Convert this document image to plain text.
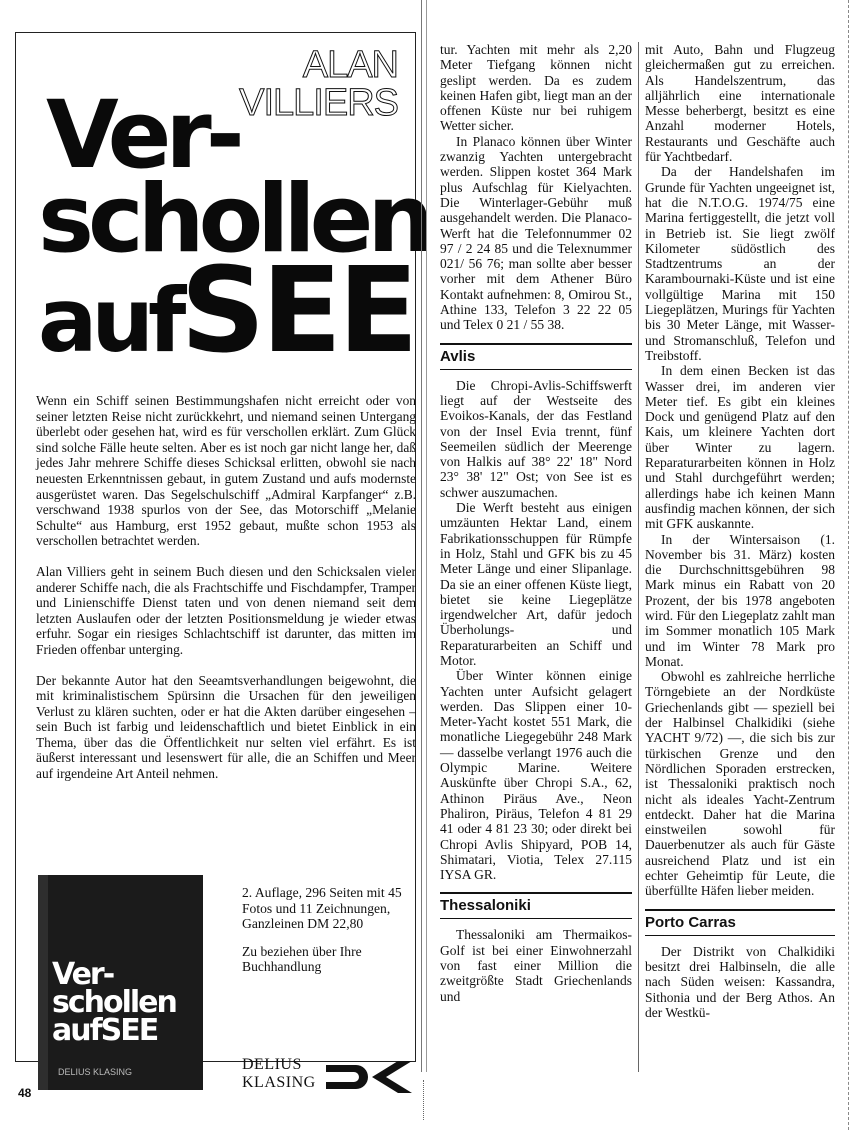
ALAN
VILLIERS
Ver-
schollen
aufSEE

Wenn ein Schiff seinen Bestimmungshafen nicht erreicht oder von seiner letzten Reise nicht zurückkehrt, und niemand seinen Untergang überlebt oder gesehen hat, wird es für verschollen erklärt. Zum Glück sind solche Fälle heute selten. Aber es ist noch gar nicht lange her, daß jedes Jahr mehrere Schiffe dieses Schicksal erlitten, obwohl sie nach neuesten Erkenntnissen gebaut, in gutem Zustand und aufs modernste ausgerüstet waren. Das Segelschulschiff „Admiral Karpfanger“ z.B. verschwand 1938 spurlos von der See, das Motorschiff „Melanie Schulte“ aus Hamburg, erst 1952 gebaut, mußte schon 1953 als verschollen betrachtet werden.

Alan Villiers geht in seinem Buch diesen und den Schicksalen vieler anderer Schiffe nach, die als Frachtschiffe und Fischdampfer, Tramper und Linienschiffe Dienst taten und von denen niemand seit dem letzten Auslaufen oder der letzten Positionsmeldung je wieder etwas erfuhr. Sogar ein riesiges Schlachtschiff ist darunter, das mitten im Frieden offenbar unterging.

Der bekannte Autor hat den Seeamtsverhandlungen beigewohnt, die mit kriminalistischem Spürsinn die Ursachen für den jeweiligen Verlust zu klären suchten, oder er hat die Akten darüber eingesehen – sein Buch ist farbig und leidenschaftlich und bietet Einblick in ein Thema, über das die Öffentlichkeit nur selten viel erfährt. Es ist äußerst interessant und lesenswert für alle, die an Schiffen und Meer auf irgendeine Art Anteil nehmen.

Ver-
schollen
aufSEE
DELIUS KLASING

2. Auflage, 296 Seiten mit 45 Fotos und 11 Zeichnungen, Ganzleinen DM 22,80

Zu beziehen über Ihre Buchhandlung

DELIUS
KLASING
48

tur. Yachten mit mehr als 2,20 Meter Tiefgang können nicht geslipt werden. Da es zudem keinen Hafen gibt, liegt man an der offenen Küste nur bei ruhigem Wetter sicher.

In Planaco können über Winter zwanzig Yachten untergebracht werden. Slippen kostet 364 Mark plus Aufschlag für Kielyachten. Die Winterlager-Gebühr muß ausgehandelt werden. Die Planaco-Werft hat die Telefonnummer 02 97 / 2 24 85 und die Telexnummer 021/ 56 76; man sollte aber besser vorher mit dem Athener Büro Kontakt aufnehmen: 8, Omirou St., Athine 133, Telefon 3 22 22 05 und Telex 0 21 / 55 38.

Avlis

Die Chropi-Avlis-Schiffswerft liegt auf der Westseite des Evoikos-Kanals, der das Festland von der Insel Evia trennt, fünf Seemeilen südlich der Meerenge von Halkis auf 38° 22' 18" Nord 23° 38' 12" Ost; von See ist es schwer auszumachen.

Die Werft besteht aus einigen umzäunten Hektar Land, einem Fabrikationsschuppen für Rümpfe in Holz, Stahl und GFK bis zu 45 Meter Länge und einer Slipanlage. Da sie an einer offenen Küste liegt, bietet sie keine Liegeplätze irgendwelcher Art, dafür jedoch Überholungs- und Reparaturarbeiten an Schiff und Motor.

Über Winter können einige Yachten unter Aufsicht gelagert werden. Das Slippen einer 10-Meter-Yacht kostet 551 Mark, die monatliche Liegegebühr 248 Mark — dasselbe verlangt 1976 auch die Olympic Marine. Weitere Auskünfte über Chropi S.A., 62, Athinon Piräus Ave., Neon Phaliron, Piräus, Telefon 4 81 29 41 oder 4 81 23 30; oder direkt bei Chropi Avlis Shipyard, POB 14, Shimatari, Viotia, Telex 27.115 IYSA GR.

Thessaloniki

Thessaloniki am Thermaikos-Golf ist bei einer Einwohnerzahl von fast einer Million die zweitgrößte Stadt Griechenlands und

mit Auto, Bahn und Flugzeug gleichermaßen gut zu erreichen. Als Handelszentrum, das alljährlich eine internationale Messe beherbergt, besitzt es eine Anzahl moderner Hotels, Restaurants und Geschäfte auch für Yachtbedarf.

Da der Handelshafen im Grunde für Yachten ungeeignet ist, hat die N.T.O.G. 1974/75 eine Marina fertiggestellt, die jetzt voll in Betrieb ist. Sie liegt zwölf Kilometer südöstlich des Stadtzentrums an der Karambournaki-Küste und ist eine vollgültige Marina mit 150 Liegeplätzen, Murings für Yachten bis 30 Meter Länge, mit Wasser- und Stromanschluß, Telefon und Treibstoff.

In dem einen Becken ist das Wasser drei, im anderen vier Meter tief. Es gibt ein kleines Dock und genügend Platz auf den Kais, um kleinere Yachten dort über Winter zu lagern. Reparaturarbeiten können in Holz und Stahl durchgeführt werden; allerdings habe ich keinen Mann ausfindig machen können, der sich mit GFK auskannte.

In der Wintersaison (1. November bis 31. März) kosten die Durchschnittsgebühren 98 Mark minus ein Rabatt von 20 Prozent, der bis 1978 angeboten wird. Für den Liegeplatz zahlt man im Sommer monatlich 105 Mark und im Winter 78 Mark pro Monat.

Obwohl es zahlreiche herrliche Törngebiete an der Nordküste Griechenlands gibt — speziell bei der Halbinsel Chalkidiki (siehe YACHT 9/72) —, die sich bis zur türkischen Grenze und den Nördlichen Sporaden erstrecken, ist Thessaloniki praktisch noch nicht als ideales Yacht-Zentrum entdeckt. Daher hat die Marina einstweilen sowohl für Dauerbenutzer als auch für Gäste ausreichend Platz und ist ein echter Geheimtip für Leute, die überfüllte Häfen lieber meiden.

Porto Carras

Der Distrikt von Chalkidiki besitzt drei Halbinseln, die alle nach Süden weisen: Kassandra, Sithonia und der Berg Athos. An der Westkü-
